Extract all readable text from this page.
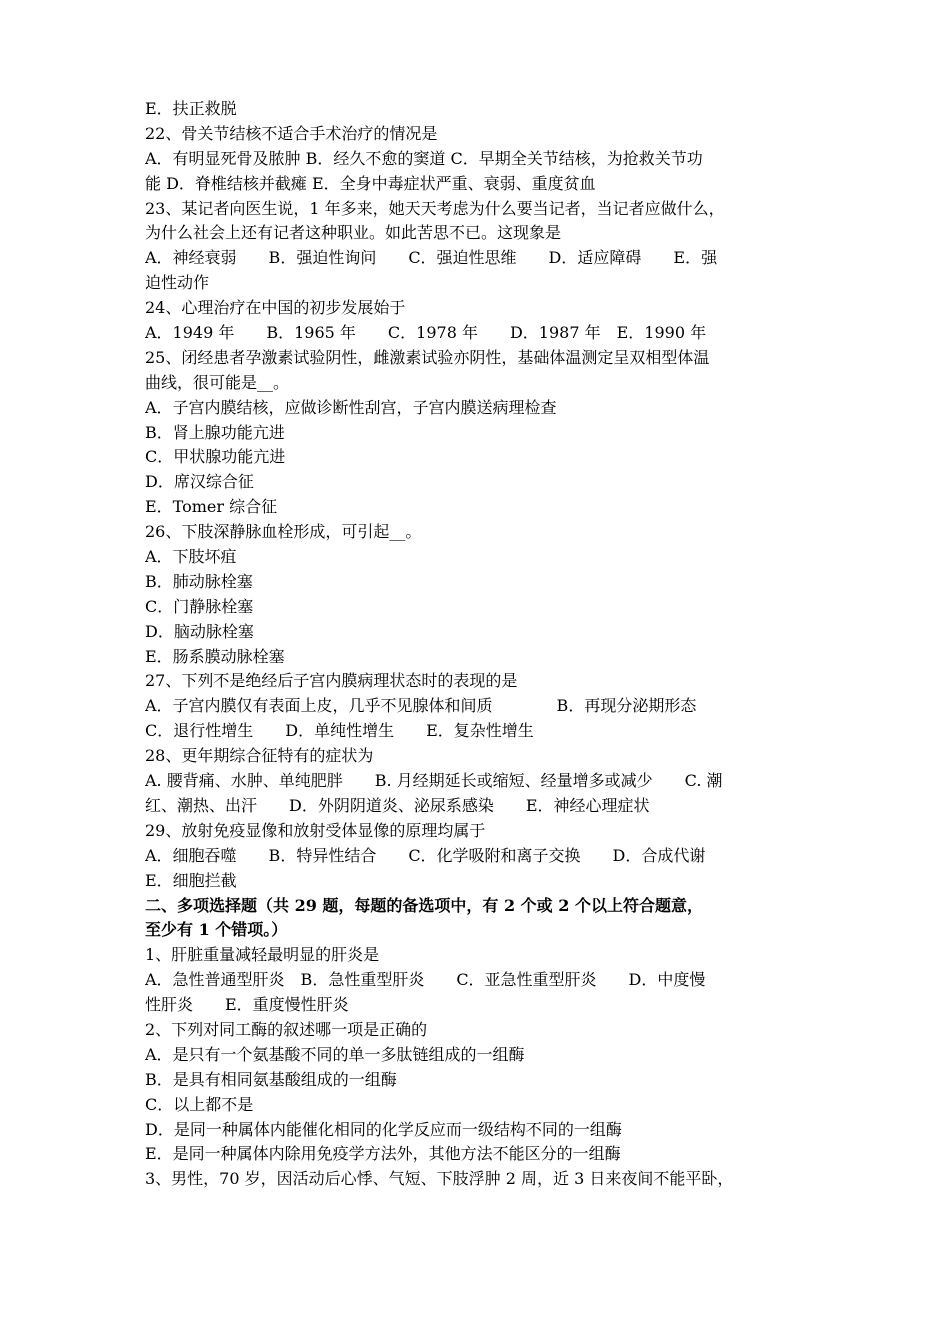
E．扶正救脱
22、骨关节结核不适合手术治疗的情况是
A．有明显死骨及脓肿 B．经久不愈的窦道 C．早期全关节结核，为抢救关节功
能 D．脊椎结核并截瘫 E．全身中毒症状严重、衰弱、重度贫血
23、某记者向医生说，1 年多来，她天天考虑为什么要当记者，当记者应做什么，
为什么社会上还有记者这种职业。如此苦思不已。这现象是
A．神经衰弱　　B．强迫性询问　　C．强迫性思维　　D．适应障碍　　E．强
迫性动作
24、心理治疗在中国的初步发展始于
A．1949 年　　B．1965 年　　C．1978 年　　D．1987 年　E．1990 年
25、闭经患者孕激素试验阴性，雌激素试验亦阴性，基础体温测定呈双相型体温
曲线，很可能是__。
A．子宫内膜结核，应做诊断性刮宫，子宫内膜送病理检查
B．肾上腺功能亢进
C．甲状腺功能亢进
D．席汉综合征
E．Tomer 综合征
26、下肢深静脉血栓形成，可引起__。
A．下肢坏疽
B．肺动脉栓塞
C．门静脉栓塞
D．脑动脉栓塞
E．肠系膜动脉栓塞
27、下列不是绝经后子宫内膜病理状态时的表现的是
A．子宫内膜仅有表面上皮，几乎不见腺体和间质　　　　B．再现分泌期形态
C．退行性增生　　D．单纯性增生　　E．复杂性增生
28、更年期综合征特有的症状为
A. 腰背痛、水肿、单纯肥胖　　B. 月经期延长或缩短、经量增多或减少　　C. 潮
红、潮热、出汗　　D．外阴阴道炎、泌尿系感染　　E．神经心理症状
29、放射免疫显像和放射受体显像的原理均属于
A．细胞吞噬　　B．特异性结合　　C．化学吸附和离子交换　　D．合成代谢
E．细胞拦截
二、多项选择题（共 29 题，每题的备选项中，有 2 个或 2 个以上符合题意，
至少有 1 个错项。）
1、肝脏重量减轻最明显的肝炎是
A．急性普通型肝炎　B．急性重型肝炎　　C．亚急性重型肝炎　　D．中度慢
性肝炎　　E．重度慢性肝炎
2、下列对同工酶的叙述哪一项是正确的
A．是只有一个氨基酸不同的单一多肽链组成的一组酶
B．是具有相同氨基酸组成的一组酶
C．以上都不是
D．是同一种属体内能催化相同的化学反应而一级结构不同的一组酶
E．是同一种属体内除用免疫学方法外，其他方法不能区分的一组酶
3、男性，70 岁，因活动后心悸、气短、下肢浮肿 2 周，近 3 日来夜间不能平卧，
